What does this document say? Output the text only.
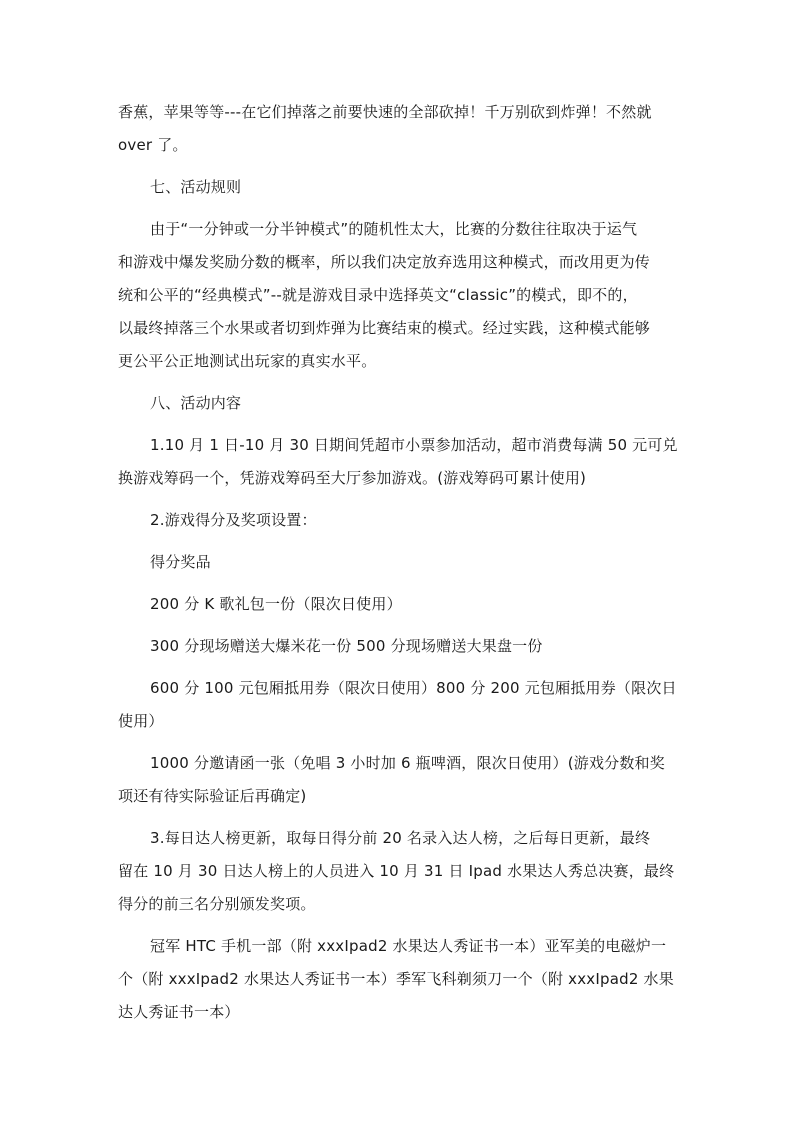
香蕉，苹果等等---在它们掉落之前要快速的全部砍掉！千万别砍到炸弹！不然就
over 了。

七、活动规则

由于“一分钟或一分半钟模式”的随机性太大，比赛的分数往往取决于运气
和游戏中爆发奖励分数的概率，所以我们决定放弃选用这种模式，而改用更为传
统和公平的“经典模式”--就是游戏目录中选择英文“classic”的模式，即不的，
以最终掉落三个水果或者切到炸弹为比赛结束的模式。经过实践，这种模式能够
更公平公正地测试出玩家的真实水平。

八、活动内容

1.10 月 1 日-10 月 30 日期间凭超市小票参加活动，超市消费每满 50 元可兑
换游戏筹码一个，凭游戏筹码至大厅参加游戏。(游戏筹码可累计使用)

2.游戏得分及奖项设置：

得分奖品

200 分 K 歌礼包一份（限次日使用）

300 分现场赠送大爆米花一份 500 分现场赠送大果盘一份

600 分 100 元包厢抵用券（限次日使用）800 分 200 元包厢抵用券（限次日
使用）

1000 分邀请函一张（免唱 3 小时加 6 瓶啤酒，限次日使用）(游戏分数和奖
项还有待实际验证后再确定)

3.每日达人榜更新，取每日得分前 20 名录入达人榜，之后每日更新，最终
留在 10 月 30 日达人榜上的人员进入 10 月 31 日 Ipad 水果达人秀总决赛，最终
得分的前三名分别颁发奖项。

冠军 HTC 手机一部（附 xxxIpad2 水果达人秀证书一本）亚军美的电磁炉一
个（附 xxxIpad2 水果达人秀证书一本）季军飞科剃须刀一个（附 xxxIpad2 水果
达人秀证书一本）
